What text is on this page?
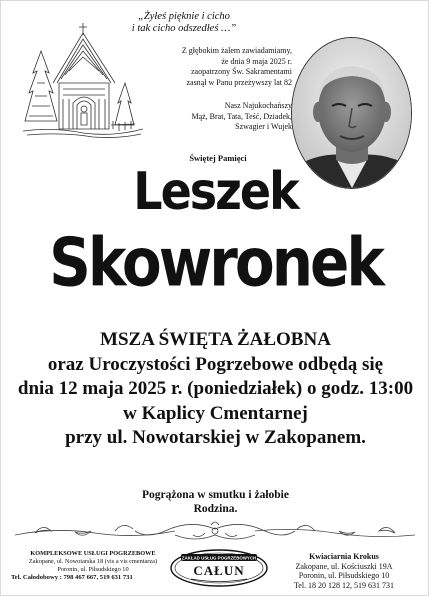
„Żyłeś pięknie i cicho
i tak cicho odszedłeś …”
Z głębokim żalem zawiadamiamy,
że dnia 9 maja 2025 r.
zaopatrzony Św. Sakramentami
zasnął w Panu przeżywszy lat 82
Nasz Najukochańszy
Mąż, Brat, Tata, Teść, Dziadek,
Szwagier i Wujek
Świętej Pamięci
Leszek
Skowronek
MSZA ŚWIĘTA ŻAŁOBNA
oraz Uroczystości Pogrzebowe odbędą się
dnia 12 maja 2025 r. (poniedziałek) o godz. 13:00
w Kaplicy Cmentarnej
przy ul. Nowotarskiej w Zakopanem.
Pogrążona w smutku i żałobie
Rodzina.
KOMPLEKSOWE USŁUGI POGRZEBOWE
Zakopane, ul. Nowotarska 18 (vis a vis cmentarza)
Poronin, ul. Piłsudskiego 10
Tel. Całodobowy : 798 467 667, 519 631 731
ZAKŁAD USŁUG POGRZEBOWYCH
CAŁUN
Kwiaciarnia Krokus
Zakopane, ul. Kościuszki 19A
Poronin, ul. Piłsudskiego 10
Tel. 18 20 128 12, 519 631 731
